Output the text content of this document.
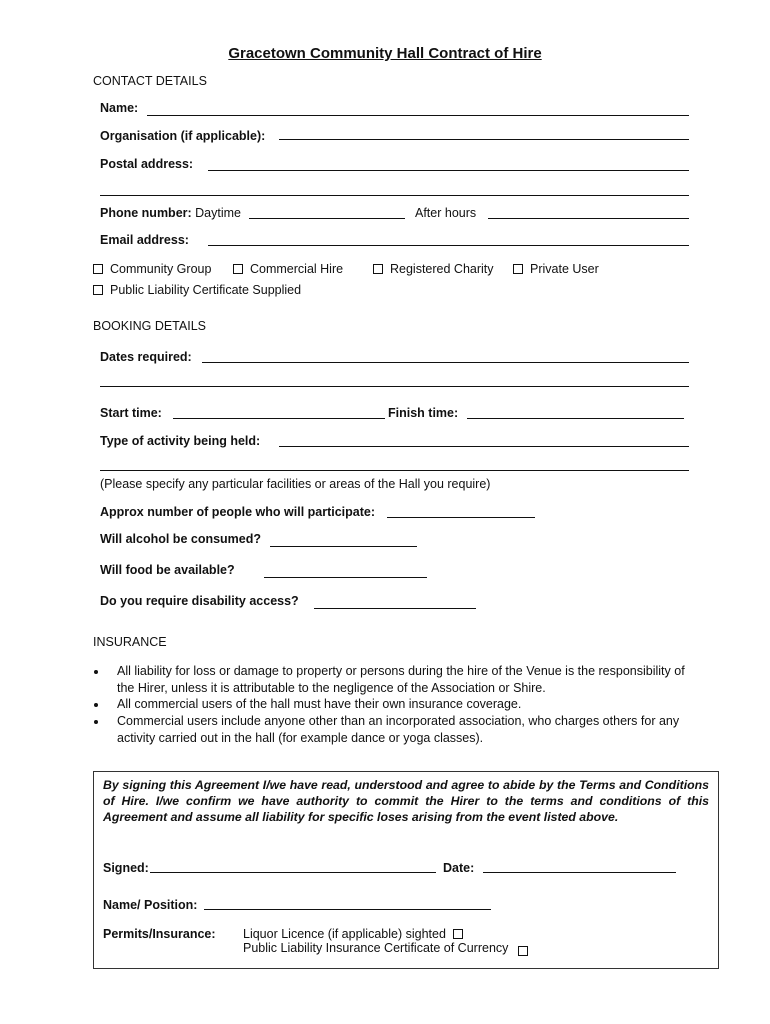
Gracetown Community Hall Contract of Hire
CONTACT DETAILS
Name:
Organisation (if applicable):
Postal address:
Phone number: Daytime	After hours
Email address:
Community Group	Commercial Hire	Registered Charity	Private User
Public Liability Certificate Supplied
BOOKING DETAILS
Dates required:
Start time:	Finish time:
Type of activity being held:
(Please specify any particular facilities or areas of the Hall you require)
Approx number of people who will participate:
Will alcohol be consumed?
Will food be available?
Do you require disability access?
INSURANCE
All liability for loss or damage to property or persons during the hire of the Venue is the responsibility of the Hirer, unless it is attributable to the negligence of the Association or Shire.
All commercial users of the hall must have their own insurance coverage.
Commercial users include anyone other than an incorporated association, who charges others for any activity carried out in the hall (for example dance or yoga classes).
By signing this Agreement I/we have read, understood and agree to abide by the Terms and Conditions of Hire. I/we confirm we have authority to commit the Hirer to the terms and conditions of this Agreement and assume all liability for specific loses arising from the event listed above.
Signed:	Date:
Name/ Position:
Permits/Insurance: Liquor Licence (if applicable) sighted
Public Liability Insurance Certificate of Currency
